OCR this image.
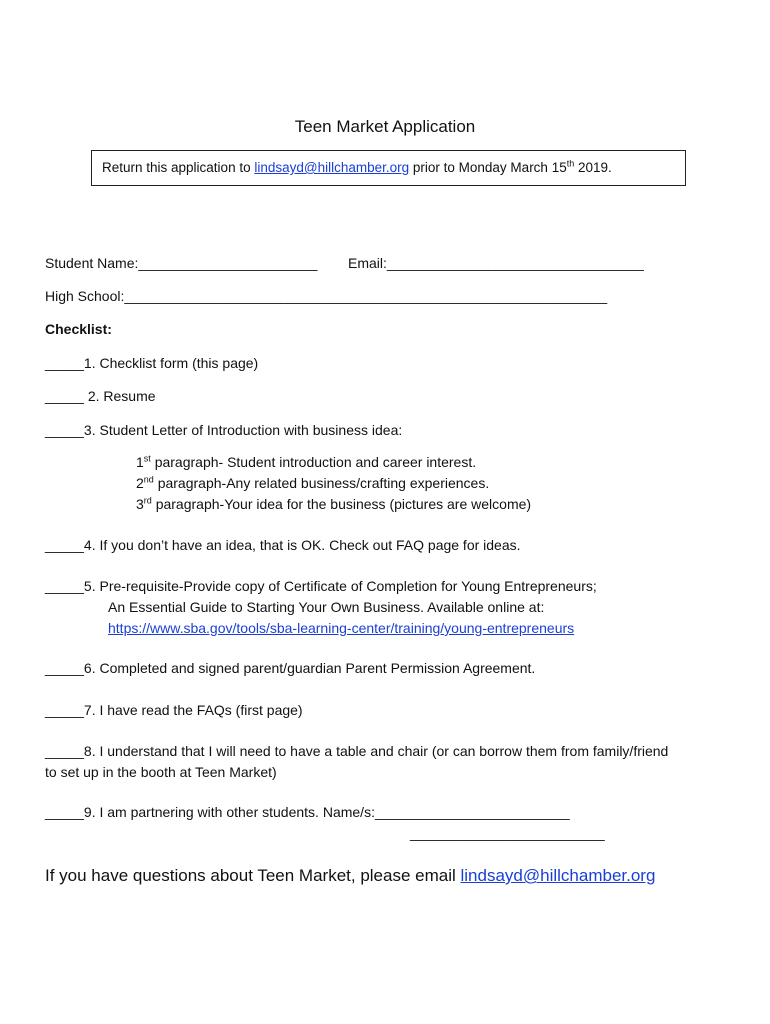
Teen Market Application
Return this application to lindsayd@hillchamber.org prior to Monday March 15th 2019.
Student Name:_______________________ Email:_________________________________
High School:______________________________________________________________
Checklist:
_____1. Checklist form (this page)
_____ 2. Resume
_____3. Student Letter of Introduction with business idea:
1st paragraph- Student introduction and career interest.
2nd paragraph-Any related business/crafting experiences.
3rd paragraph-Your idea for the business (pictures are welcome)
_____4. If you don’t have an idea, that is OK. Check out FAQ page for ideas.
_____5. Pre-requisite-Provide copy of Certificate of Completion for Young Entrepreneurs;
An Essential Guide to Starting Your Own Business. Available online at:
https://www.sba.gov/tools/sba-learning-center/training/young-entrepreneurs
_____6. Completed and signed parent/guardian Parent Permission Agreement.
_____7. I have read the FAQs (first page)
_____8. I understand that I will need to have a table and chair (or can borrow them from family/friend
to set up in the booth at Teen Market)
_____9. I am partnering with other students. Name/s:_________________________
_________________________
If you have questions about Teen Market, please email lindsayd@hillchamber.org
